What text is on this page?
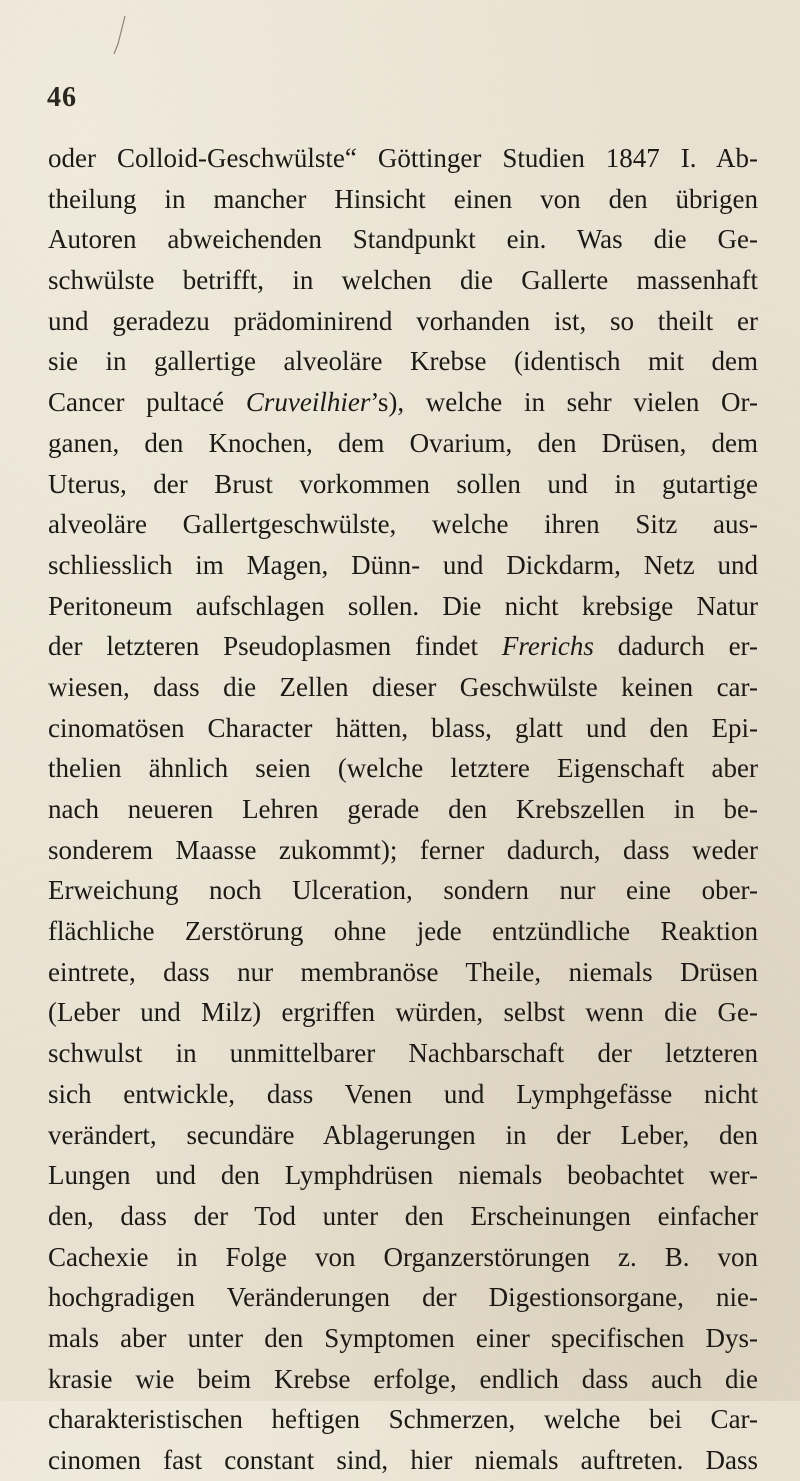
46
oder Colloid-Geschwülste“ Göttinger Studien 1847 I. Ab-
theilung in mancher Hinsicht einen von den übrigen
Autoren abweichenden Standpunkt ein. Was die Ge-
schwülste betrifft, in welchen die Gallerte massenhaft
und geradezu prädominirend vorhanden ist, so theilt er
sie in gallertige alveoläre Krebse (identisch mit dem
Cancer pultacé Cruveilhier’s), welche in sehr vielen Or-
ganen, den Knochen, dem Ovarium, den Drüsen, dem
Uterus, der Brust vorkommen sollen und in gutartige
alveoläre Gallertgeschwülste, welche ihren Sitz aus-
schliesslich im Magen, Dünn- und Dickdarm, Netz und
Peritoneum aufschlagen sollen. Die nicht krebsige Natur
der letzteren Pseudoplasmen findet Frerichs dadurch er-
wiesen, dass die Zellen dieser Geschwülste keinen car-
cinomatösen Character hätten, blass, glatt und den Epi-
thelien ähnlich seien (welche letztere Eigenschaft aber
nach neueren Lehren gerade den Krebszellen in be-
sonderem Maasse zukommt); ferner dadurch, dass weder
Erweichung noch Ulceration, sondern nur eine ober-
flächliche Zerstörung ohne jede entzündliche Reaktion
eintrete, dass nur membranöse Theile, niemals Drüsen
(Leber und Milz) ergriffen würden, selbst wenn die Ge-
schwulst in unmittelbarer Nachbarschaft der letzteren
sich entwickle, dass Venen und Lymphgefässe nicht
verändert, secundäre Ablagerungen in der Leber, den
Lungen und den Lymphdrüsen niemals beobachtet wer-
den, dass der Tod unter den Erscheinungen einfacher
Cachexie in Folge von Organzerstörungen z. B. von
hochgradigen Veränderungen der Digestionsorgane, nie-
mals aber unter den Symptomen einer specifischen Dys-
krasie wie beim Krebse erfolge, endlich dass auch die
charakteristischen heftigen Schmerzen, welche bei Car-
cinomen fast constant sind, hier niemals auftreten. Dass
